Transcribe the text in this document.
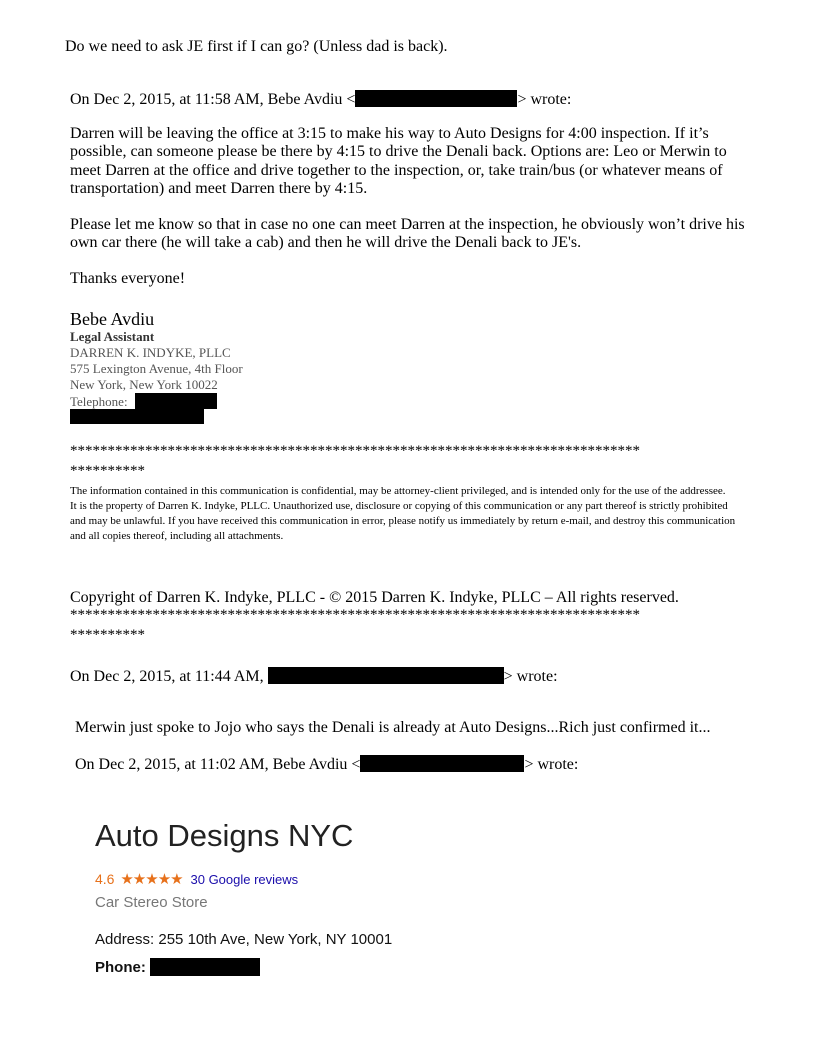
Do we need to ask JE first if I can go? (Unless dad is back).
On Dec 2, 2015, at 11:58 AM, Bebe Avdiu <	> wrote:
Darren will be leaving the office at 3:15 to make his way to Auto Designs for 4:00 inspection. If it’s possible, can someone please be there by 4:15 to drive the Denali back. Options are: Leo or Merwin to meet Darren at the office and drive together to the inspection, or, take train/bus (or whatever means of transportation) and meet Darren there by 4:15.
Please let me know so that in case no one can meet Darren at the inspection, he obviously won’t drive his own car there (he will take a cab) and then he will drive the Denali back to JE's.
Thanks everyone!
Bebe Avdiu
Legal Assistant
DARREN K. INDYKE, PLLC
575 Lexington Avenue, 4th Floor
New York, New York 10022
Telephone:
****************************************************************************
**********
The information contained in this communication is confidential, may be attorney-client privileged, and is intended only for the use of the addressee.
It is the property of Darren K. Indyke, PLLC. Unauthorized use, disclosure or copying of this communication or any part thereof is strictly prohibited
and may be unlawful. If you have received this communication in error, please notify us immediately by return e-mail, and destroy this communication
and all copies thereof, including all attachments.
Copyright of Darren K. Indyke, PLLC - © 2015 Darren K. Indyke, PLLC – All rights reserved.
****************************************************************************
**********
On Dec 2, 2015, at 11:44 AM,	> wrote:
Merwin just spoke to Jojo who says the Denali is already at Auto Designs...Rich just confirmed it...
On Dec 2, 2015, at 11:02 AM, Bebe Avdiu <	> wrote:
Auto Designs NYC
4.6 ★★★★★ 30 Google reviews
Car Stereo Store
Address: 255 10th Ave, New York, NY 10001
Phone:
